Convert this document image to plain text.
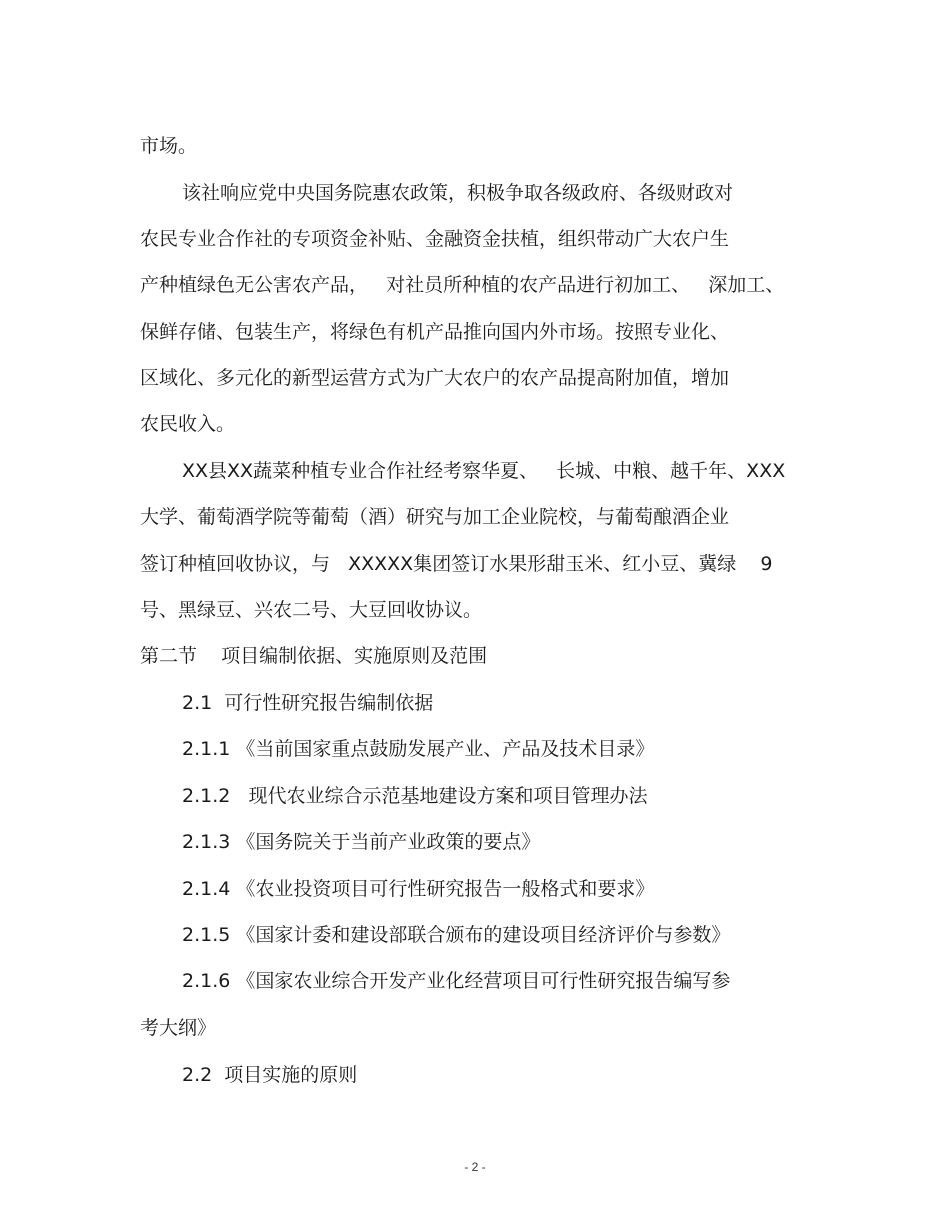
市场。
该社响应党中央国务院惠农政策，积极争取各级政府、各级财政对
农民专业合作社的专项资金补贴、金融资金扶植，组织带动广大农户生
产种植绿色无公害农产品，   对社员所种植的农产品进行初加工、   深加工、
保鲜存储、包装生产，将绿色有机产品推向国内外市场。按照专业化、
区域化、多元化的新型运营方式为广大农户的农产品提高附加值，增加
农民收入。
XX县XX蔬菜种植专业合作社经考察华夏、   长城、中粮、越千年、XXX
大学、葡萄酒学院等葡萄（酒）研究与加工企业院校，与葡萄酿酒企业
签订种植回收协议，与   XXXXX集团签订水果形甜玉米、红小豆、冀绿    9
号、黑绿豆、兴农二号、大豆回收协议。
第二节    项目编制依据、实施原则及范围
2.1  可行性研究报告编制依据
2.1.1 《当前国家重点鼓励发展产业、产品及技术目录》
2.1.2   现代农业综合示范基地建设方案和项目管理办法
2.1.3 《国务院关于当前产业政策的要点》
2.1.4 《农业投资项目可行性研究报告一般格式和要求》
2.1.5 《国家计委和建设部联合颁布的建设项目经济评价与参数》
2.1.6 《国家农业综合开发产业化经营项目可行性研究报告编写参
考大纲》
2.2  项目实施的原则
- 2 -
